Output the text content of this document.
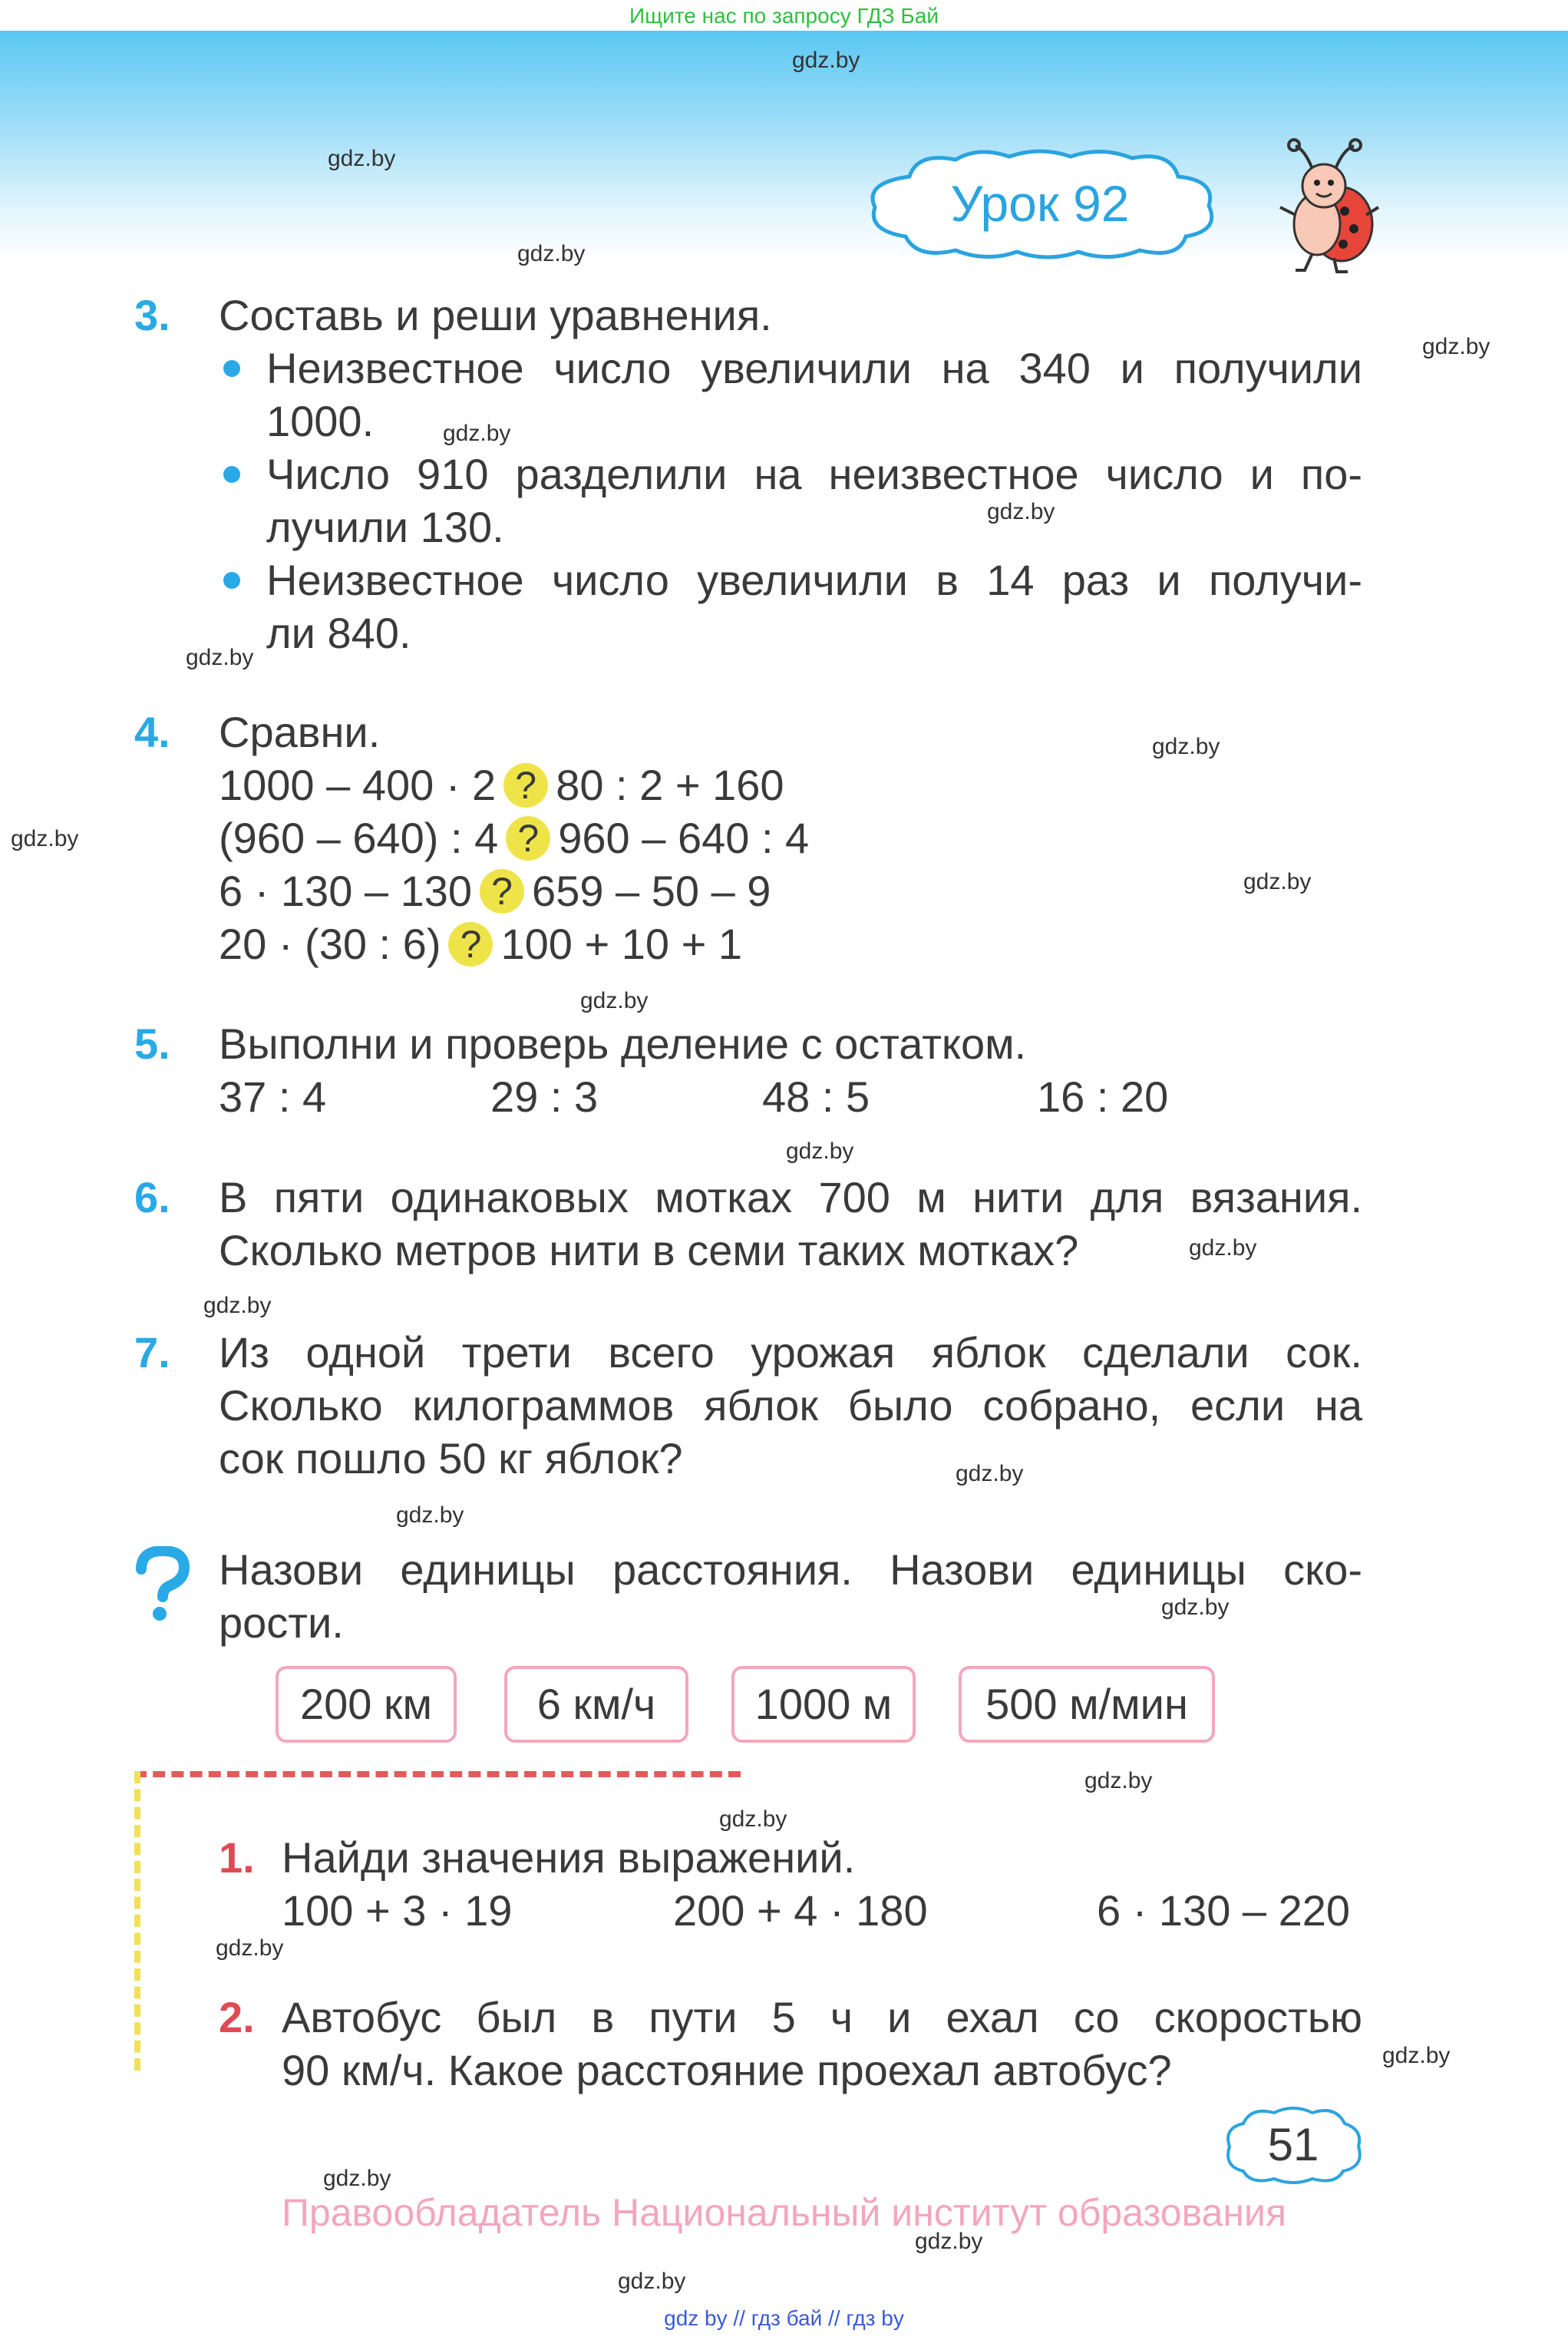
Ищите нас по запросу ГДЗ Бай
gdz.by
gdz.by
gdz.by
gdz.by
gdz.by
gdz.by
gdz.by
gdz.by
gdz.by
gdz.by
gdz.by
gdz.by
gdz.by
gdz.by
gdz.by
gdz.by
gdz.by
gdz.by
gdz.by
gdz.by
gdz.by
gdz.by
gdz.by
gdz.by
Урок 92
3. Составь и реши уравнения.
Неизвестное число увеличили на 340 и получили
1000.
Число 910 разделили на неизвестное число и по-
лучили 130.
Неизвестное число увеличили в 14 раз и получи-
ли 840.
4. Сравни.
1000 – 400 · 2 ? 80 : 2 + 160
(960 – 640) : 4 ? 960 – 640 : 4
6 · 130 – 130 ? 659 – 50 – 9
20 · (30 : 6) ? 100 + 10 + 1
5. Выполни и проверь деление с остатком.
37 : 4	29 : 3	48 : 5	16 : 20
6. В пяти одинаковых мотках 700 м нити для вязания.
Сколько метров нити в семи таких мотках?
7. Из одной трети всего урожая яблок сделали сок.
Сколько килограммов яблок было собрано, если на
сок пошло 50 кг яблок?
Назови единицы расстояния. Назови единицы ско-
рости.
200 км	6 км/ч	1000 м	500 м/мин
1. Найди значения выражений.
100 + 3 · 19	200 + 4 · 180	6 · 130 – 220
2. Автобус был в пути 5 ч и ехал со скоростью
90 км/ч. Какое расстояние проехал автобус?
51
Правообладатель Национальный институт образования
gdz by // гдз бай // гдз by
